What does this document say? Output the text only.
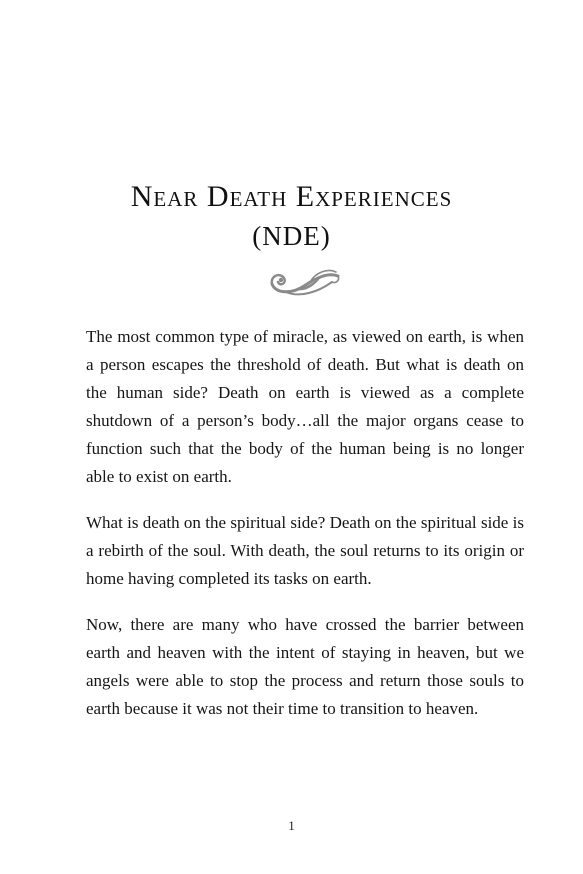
Near Death Experiences
(NDE)

The most common type of miracle, as viewed on earth, is when a person escapes the threshold of death. But what is death on the human side? Death on earth is viewed as a complete shutdown of a person’s body…all the major organs cease to function such that the body of the human being is no longer able to exist on earth.

What is death on the spiritual side? Death on the spiritual side is a rebirth of the soul. With death, the soul returns to its origin or home having completed its tasks on earth.

Now, there are many who have crossed the barrier between earth and heaven with the intent of staying in heaven, but we angels were able to stop the process and return those souls to earth because it was not their time to transition to heaven.

1
